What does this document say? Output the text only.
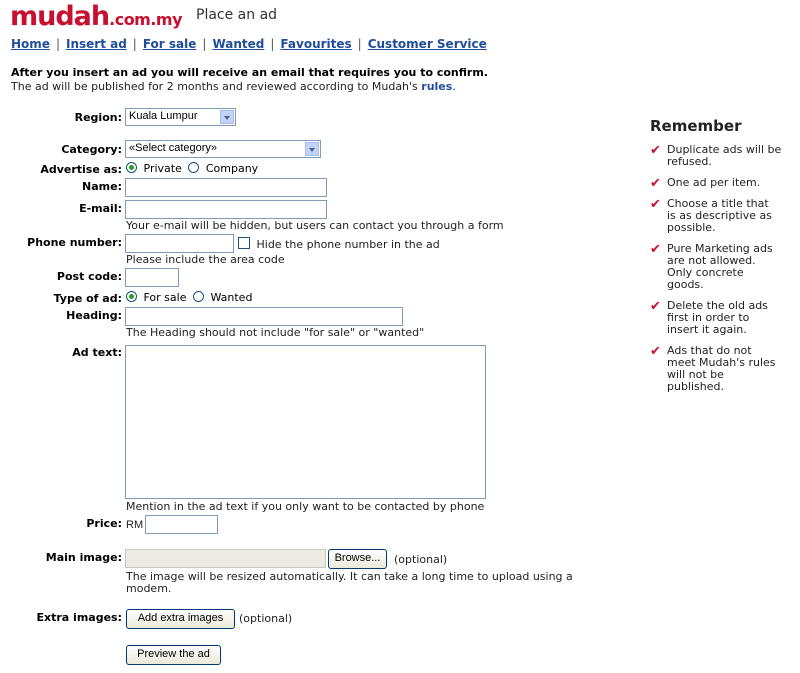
mudah.com.my Place an ad
Home | Insert ad | For sale | Wanted | Favourites | Customer Service
After you insert an ad you will receive an email that requires you to confirm.
The ad will be published for 2 months and reviewed according to Mudah's rules.
Region: Kuala Lumpur
Category: «Select category»
Advertise as:	Private Company
Name:
E-mail:
Your e-mail will be hidden, but users can contact you through a form
Phone number:	Hide the phone number in the ad
Please include the area code
Post code:
Type of ad:	For sale Wanted
Heading:
The Heading should not include "for sale" or "wanted"
Ad text:
Mention in the ad text if you only want to be contacted by phone
Price: RM
Main image:	Browse...	(optional)
The image will be resized automatically. It can take a long time to upload using a
modem.
Extra images:	Add extra images	(optional)
Preview the ad
Remember
✔ Duplicate ads will be
refused.
✔ One ad per item.
✔ Choose a title that
is as descriptive as
possible.
✔ Pure Marketing ads
are not allowed.
Only concrete
goods.
✔ Delete the old ads
first in order to
insert it again.
✔ Ads that do not
meet Mudah's rules
will not be
published.
